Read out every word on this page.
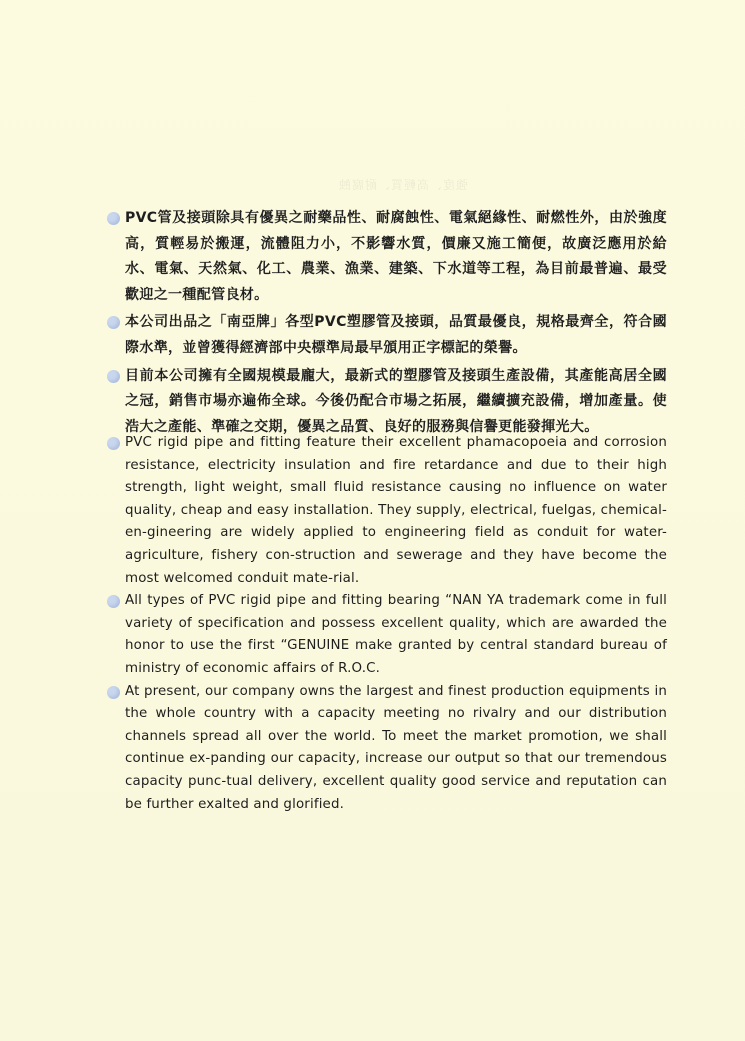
強度、高輕質、耐腐蝕
PVC管及接頭除具有優異之耐藥品性、耐腐蝕性、電氣絕緣性、耐燃性外，由於強度高，質輕易於搬運，流體阻力小，不影響水質，價廉又施工簡便，故廣泛應用於給水、電氣、天然氣、化工、農業、漁業、建築、下水道等工程，為目前最普遍、最受歡迎之一種配管良材。
本公司出品之「南亞牌」各型PVC塑膠管及接頭，品質最優良，規格最齊全，符合國際水準，並曾獲得經濟部中央標準局最早頒用正字標記的榮譽。
目前本公司擁有全國規模最龐大，最新式的塑膠管及接頭生產設備，其產能高居全國之冠，銷售市場亦遍佈全球。今後仍配合市場之拓展，繼續擴充設備，增加產量。使浩大之產能、準確之交期，優異之品質、良好的服務與信譽更能發揮光大。
PVC rigid pipe and fitting feature their excellent phamacopoeia and corrosion resistance, electricity insulation and fire retardance and due to their high strength, light weight, small fluid resistance causing no influence on water quality, cheap and easy installation. They supply, electrical, fuelgas, chemical-en-gineering are widely applied to engineering field as conduit for water-agriculture, fishery con-struction and sewerage and they have become the most welcomed conduit mate-rial.
All types of PVC rigid pipe and fitting bearing “NAN YA trademark come in full variety of specification and possess excellent quality, which are awarded the honor to use the first “GENUINE make granted by central standard bureau of ministry of economic affairs of R.O.C.
At present, our company owns the largest and finest production equipments in the whole country with a capacity meeting no rivalry and our distribution channels spread all over the world. To meet the market promotion, we shall continue ex-panding our capacity, increase our output so that our tremendous capacity punc-tual delivery, excellent quality good service and reputation can be further exalted and glorified.
